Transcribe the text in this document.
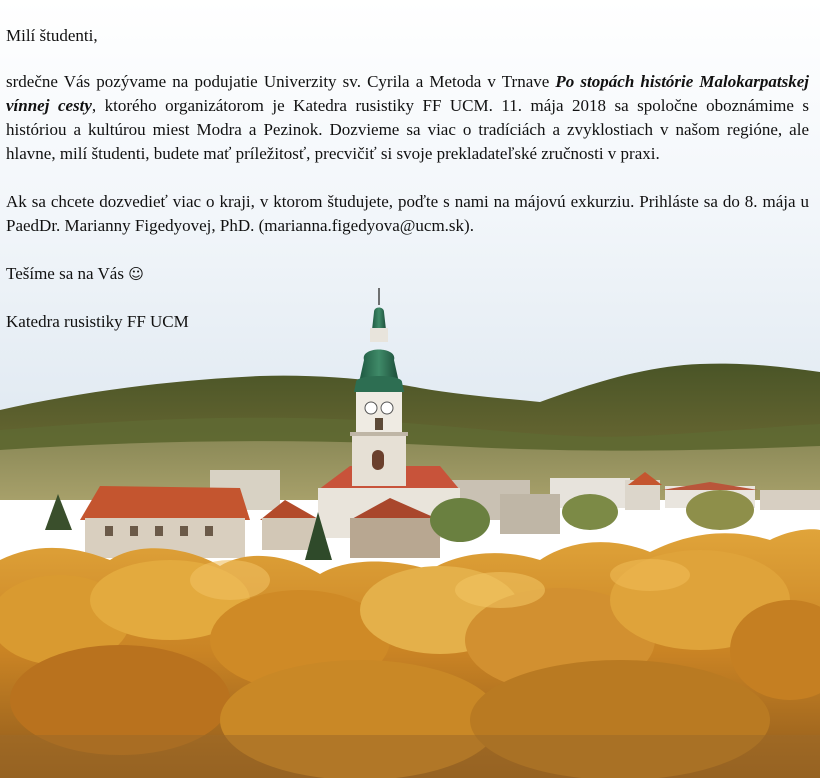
Milí študenti,

srdečne Vás pozývame na podujatie Univerzity sv. Cyrila a Metoda v Trnave Po stopách histórie Malokarpatskej vínnej cesty, ktorého organizátorom je Katedra rusistiky FF UCM. 11. mája 2018 sa spoločne oboznámime s históriou a kultúrou miest Modra a Pezinok. Dozvieme sa viac o tradíciách a zvyklostiach v našom regióne, ale hlavne, milí študenti, budete mať príležitosť, precvičiť si svoje prekladateľské zručnosti v praxi.

Ak sa chcete dozvedieť viac o kraji, v ktorom študujete, poďte s nami na májovú exkurziu. Prihláste sa do 8. mája u PaedDr. Marianny Figedyovej, PhD. (marianna.figedyova@ucm.sk).

Tešíme sa na Vás ☺

Katedra rusistiky FF UCM
